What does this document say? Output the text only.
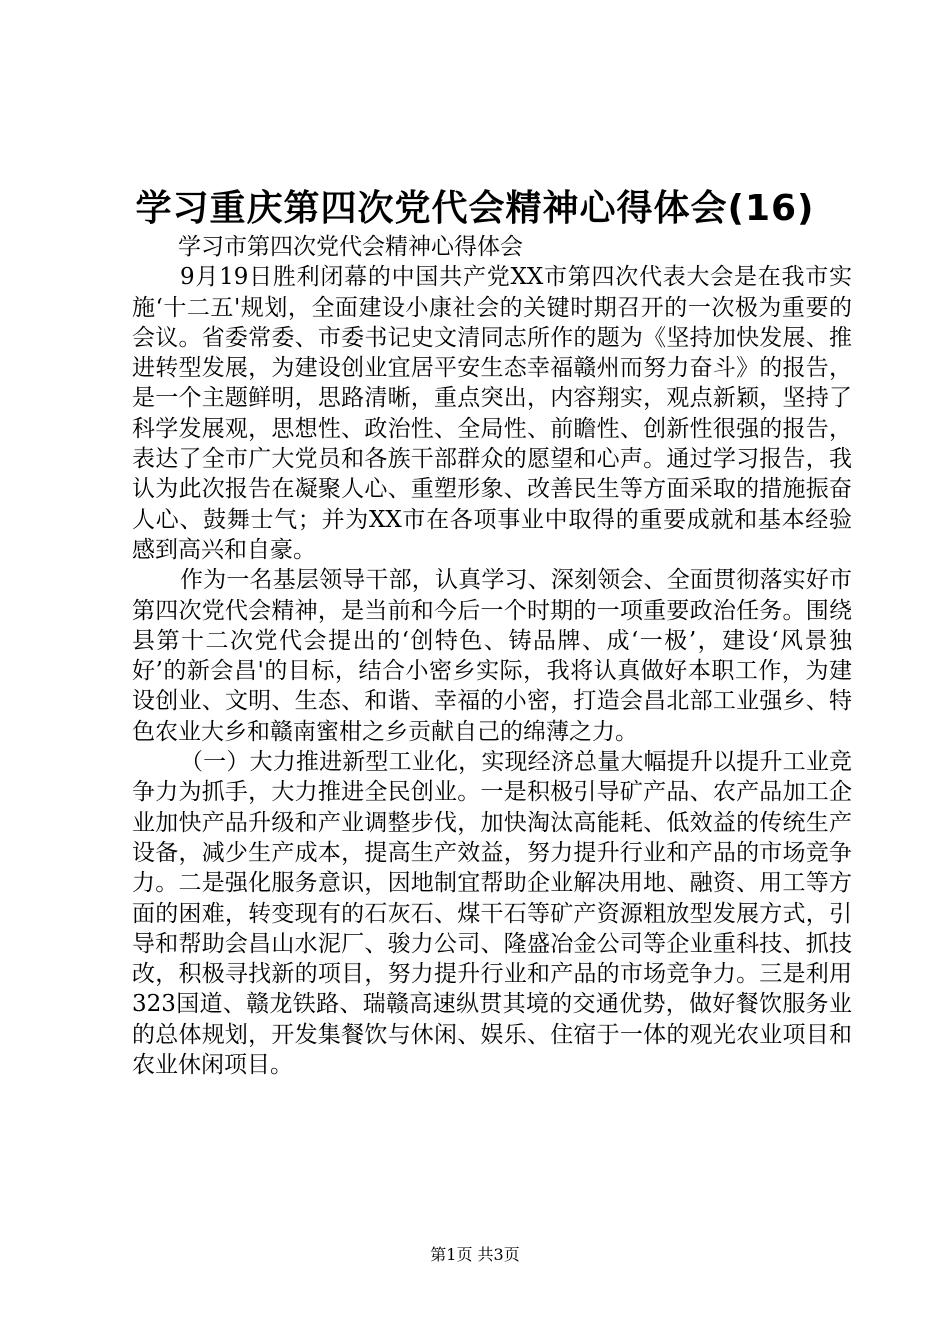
学习重庆第四次党代会精神心得体会(16)

学习市第四次党代会精神心得体会

9月19日胜利闭幕的中国共产党XX市第四次代表大会是在我市实施‘十二五'规划，全面建设小康社会的关键时期召开的一次极为重要的会议。省委常委、市委书记史文清同志所作的题为《坚持加快发展、推进转型发展，为建设创业宜居平安生态幸福赣州而努力奋斗》的报告，是一个主题鲜明，思路清晰，重点突出，内容翔实，观点新颖，坚持了科学发展观，思想性、政治性、全局性、前瞻性、创新性很强的报告，表达了全市广大党员和各族干部群众的愿望和心声。通过学习报告，我认为此次报告在凝聚人心、重塑形象、改善民生等方面采取的措施振奋人心、鼓舞士气；并为XX市在各项事业中取得的重要成就和基本经验感到高兴和自豪。

作为一名基层领导干部，认真学习、深刻领会、全面贯彻落实好市第四次党代会精神，是当前和今后一个时期的一项重要政治任务。围绕县第十二次党代会提出的‘创特色、铸品牌、成‘一极’，建设‘风景独好’的新会昌'的目标，结合小密乡实际，我将认真做好本职工作，为建设创业、文明、生态、和谐、幸福的小密，打造会昌北部工业强乡、特色农业大乡和赣南蜜柑之乡贡献自己的绵薄之力。

（一）大力推进新型工业化，实现经济总量大幅提升以提升工业竞争力为抓手，大力推进全民创业。一是积极引导矿产品、农产品加工企业加快产品升级和产业调整步伐，加快淘汰高能耗、低效益的传统生产设备，减少生产成本，提高生产效益，努力提升行业和产品的市场竞争力。二是强化服务意识，因地制宜帮助企业解决用地、融资、用工等方面的困难，转变现有的石灰石、煤干石等矿产资源粗放型发展方式，引导和帮助会昌山水泥厂、骏力公司、隆盛冶金公司等企业重科技、抓技改，积极寻找新的项目，努力提升行业和产品的市场竞争力。三是利用323国道、赣龙铁路、瑞赣高速纵贯其境的交通优势，做好餐饮服务业的总体规划，开发集餐饮与休闲、娱乐、住宿于一体的观光农业项目和农业休闲项目。

第1页 共3页
